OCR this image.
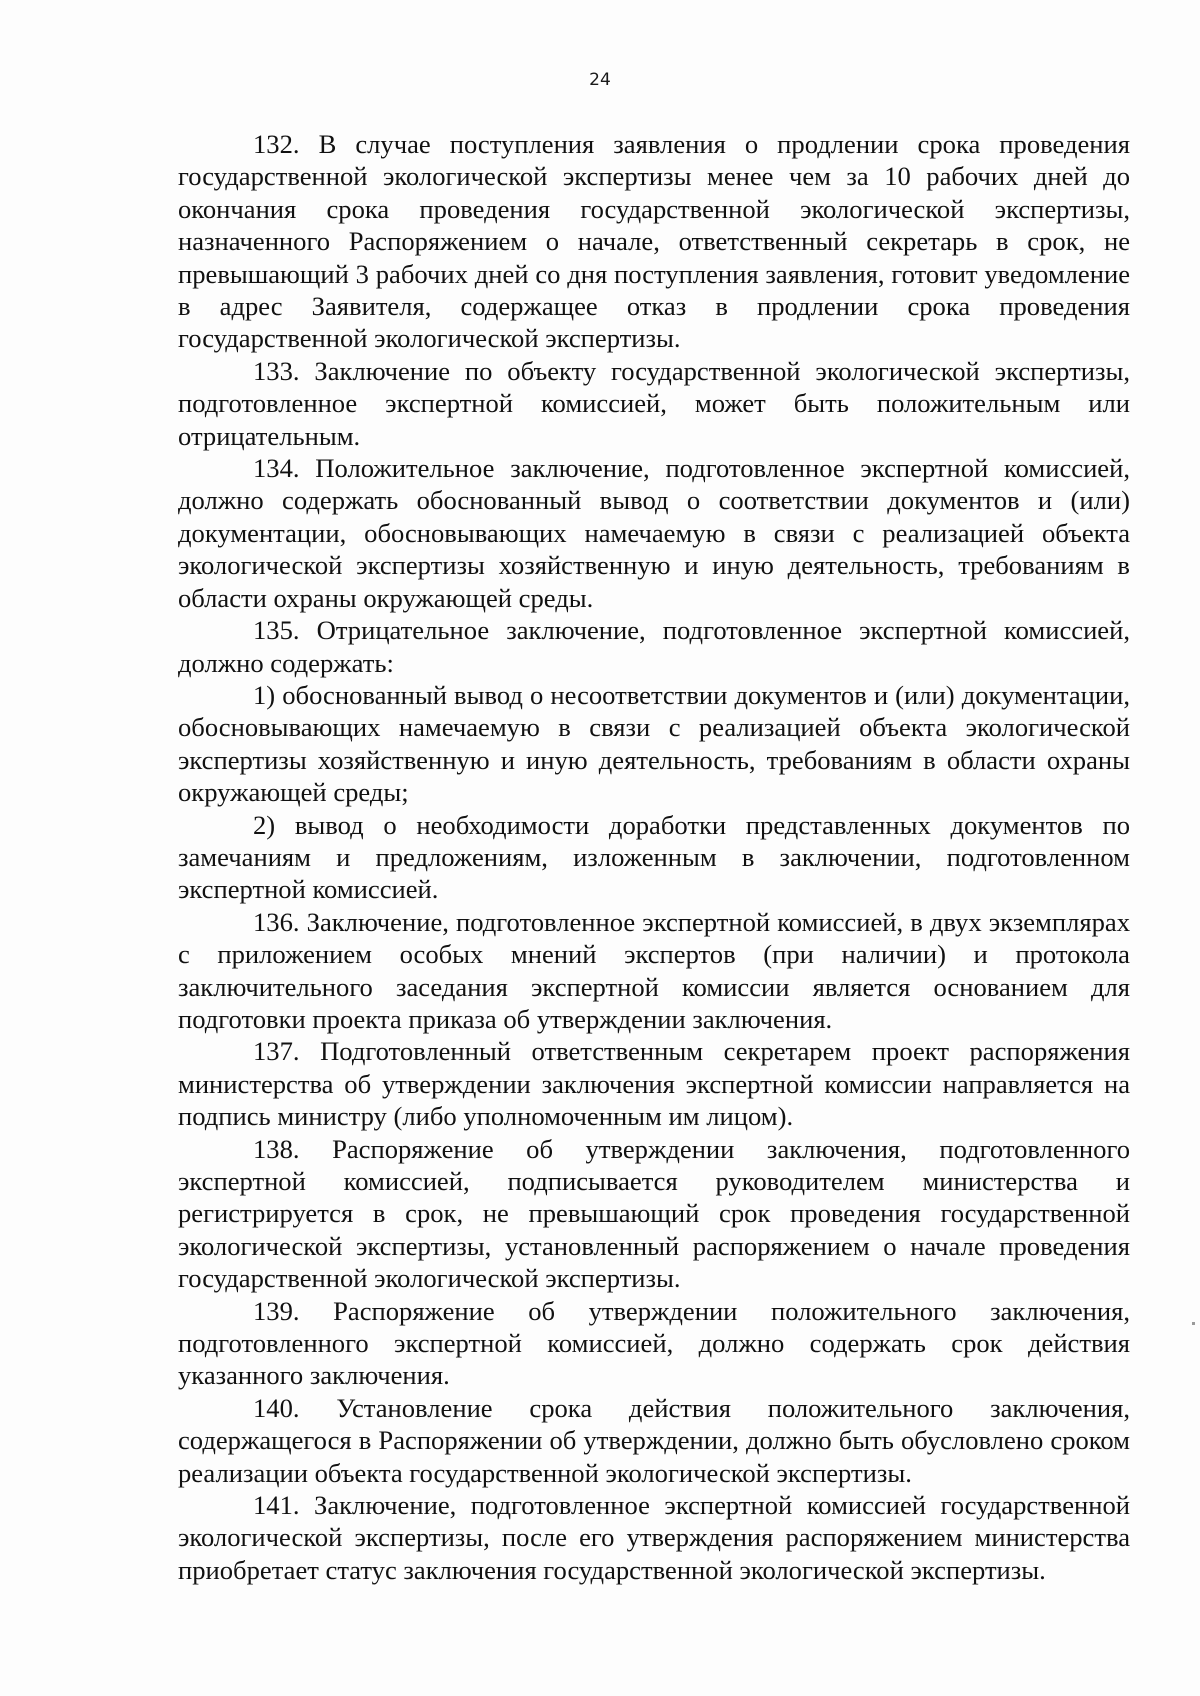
24

132. В случае поступления заявления о продлении срока проведения государственной экологической экспертизы менее чем за 10 рабочих дней до окончания срока проведения государственной экологической экспертизы, назначенного Распоряжением о начале, ответственный секретарь в срок, не превышающий 3 рабочих дней со дня поступления заявления, готовит уведомление в адрес Заявителя, содержащее отказ в продлении срока проведения государственной экологической экспертизы.

133. Заключение по объекту государственной экологической экспертизы, подготовленное экспертной комиссией, может быть положительным или отрицательным.

134. Положительное заключение, подготовленное экспертной комиссией, должно содержать обоснованный вывод о соответствии документов и (или) документации, обосновывающих намечаемую в связи с реализацией объекта экологической экспертизы хозяйственную и иную деятельность, требованиям в области охраны окружающей среды.

135. Отрицательное заключение, подготовленное экспертной комиссией, должно содержать:

1) обоснованный вывод о несоответствии документов и (или) документации, обосновывающих намечаемую в связи с реализацией объекта экологической экспертизы хозяйственную и иную деятельность, требованиям в области охраны окружающей среды;

2) вывод о необходимости доработки представленных документов по замечаниям и предложениям, изложенным в заключении, подготовленном экспертной комиссией.

136. Заключение, подготовленное экспертной комиссией, в двух экземплярах с приложением особых мнений экспертов (при наличии) и протокола заключительного заседания экспертной комиссии является основанием для подготовки проекта приказа об утверждении заключения.

137. Подготовленный ответственным секретарем проект распоряжения министерства об утверждении заключения экспертной комиссии направляется на подпись министру (либо уполномоченным им лицом).

138. Распоряжение об утверждении заключения, подготовленного экспертной комиссией, подписывается руководителем министерства и регистрируется в срок, не превышающий срок проведения государственной экологической экспертизы, установленный распоряжением о начале проведения государственной экологической экспертизы.

139. Распоряжение об утверждении положительного заключения, подготовленного экспертной комиссией, должно содержать срок действия указанного заключения.

140. Установление срока действия положительного заключения, содержащегося в Распоряжении об утверждении, должно быть обусловлено сроком реализации объекта государственной экологической экспертизы.

141. Заключение, подготовленное экспертной комиссией государственной экологической экспертизы, после его утверждения распоряжением министерства приобретает статус заключения государственной экологической экспертизы.
